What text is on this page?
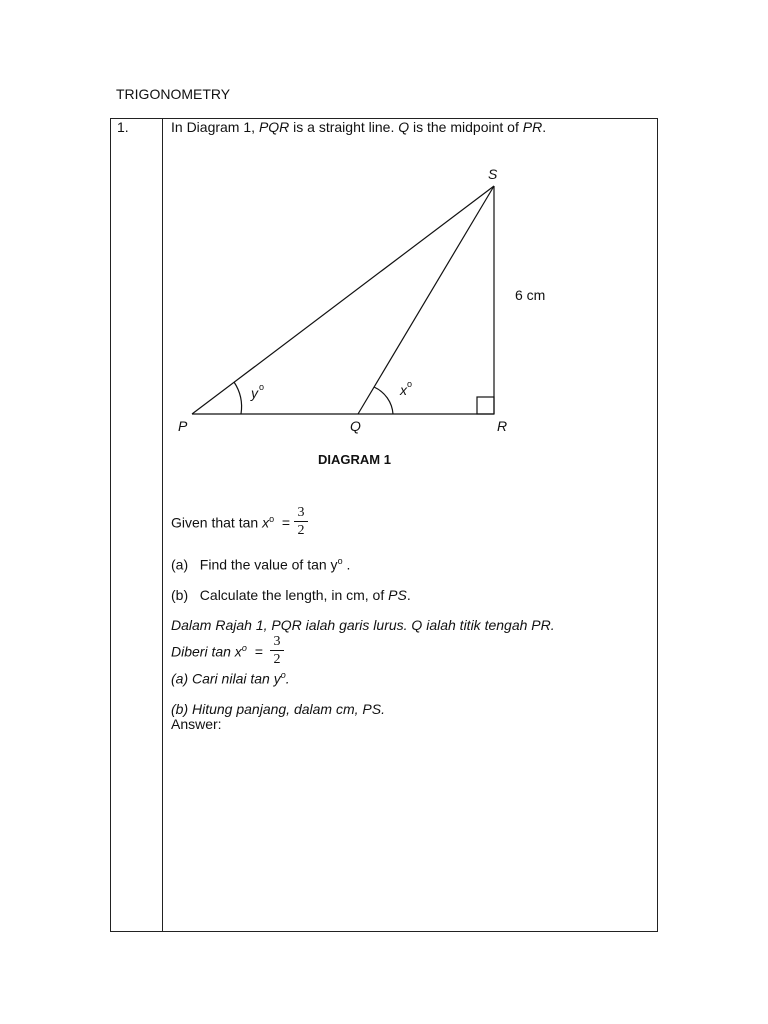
TRIGONOMETRY
1.	In Diagram 1, PQR is a straight line. Q is the midpoint of PR.
P	Q	R
S
6 cm
y o	x o
DIAGRAM 1
Given that $\tan x^o$ =
3
2
(a) Find the value of $\tan y^o$ .
(b) Calculate the length, in cm, of PS.
Dalam Rajah 1, PQR ialah garis lurus. Q ialah titik tengah PR.
Diberi $\tan x^o$ =
3
2
(a) Cari nilai $\tan y^o$.
(b) Hitung panjang, dalam cm, PS.
Answer:
